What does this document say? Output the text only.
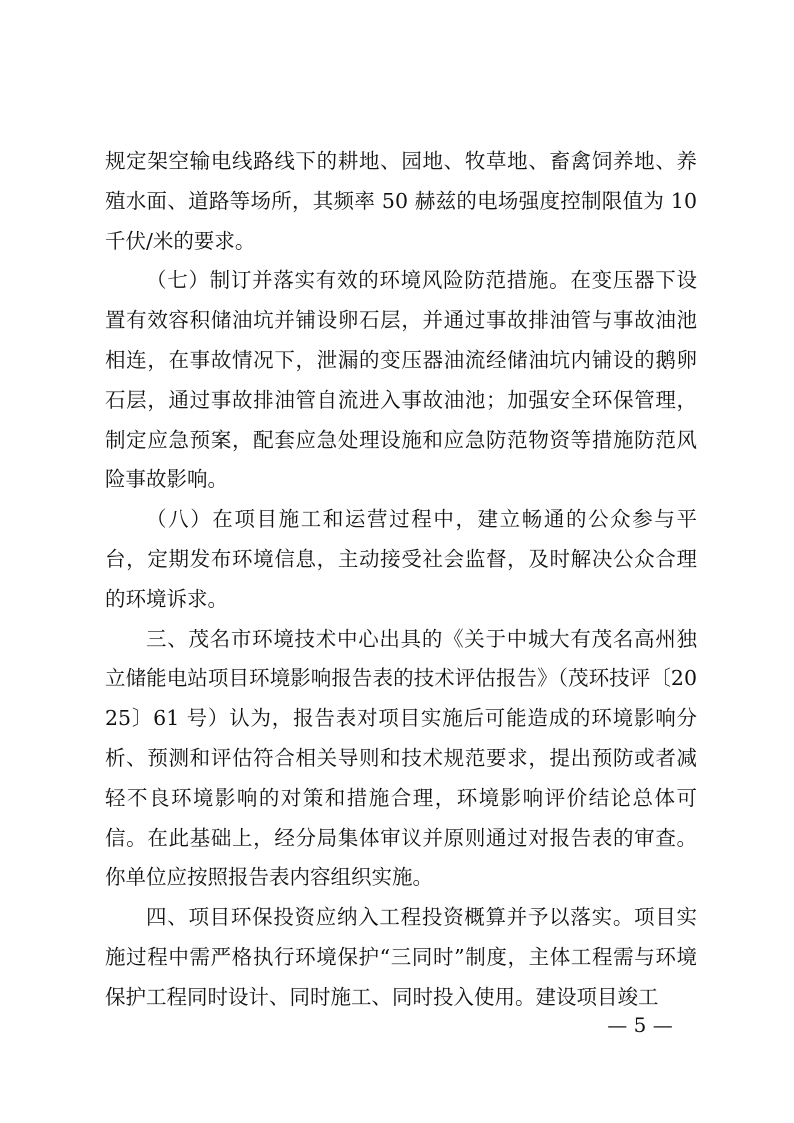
规定架空输电线路线下的耕地、园地、牧草地、畜禽饲养地、养殖水面、道路等场所，其频率 50 赫兹的电场强度控制限值为 10 千伏/米的要求。

（七）制订并落实有效的环境风险防范措施。在变压器下设置有效容积储油坑并铺设卵石层，并通过事故排油管与事故油池相连，在事故情况下，泄漏的变压器油流经储油坑内铺设的鹅卵石层，通过事故排油管自流进入事故油池；加强安全环保管理，制定应急预案，配套应急处理设施和应急防范物资等措施防范风险事故影响。

（八）在项目施工和运营过程中，建立畅通的公众参与平台，定期发布环境信息，主动接受社会监督，及时解决公众合理的环境诉求。

三、茂名市环境技术中心出具的《关于中城大有茂名高州独立储能电站项目环境影响报告表的技术评估报告》（茂环技评〔2025〕61 号）认为，报告表对项目实施后可能造成的环境影响分析、预测和评估符合相关导则和技术规范要求，提出预防或者减轻不良环境影响的对策和措施合理，环境影响评价结论总体可信。在此基础上，经分局集体审议并原则通过对报告表的审查。你单位应按照报告表内容组织实施。

四、项目环保投资应纳入工程投资概算并予以落实。项目实施过程中需严格执行环境保护“三同时”制度，主体工程需与环境保护工程同时设计、同时施工、同时投入使用。建设项目竣工

— 5 —
